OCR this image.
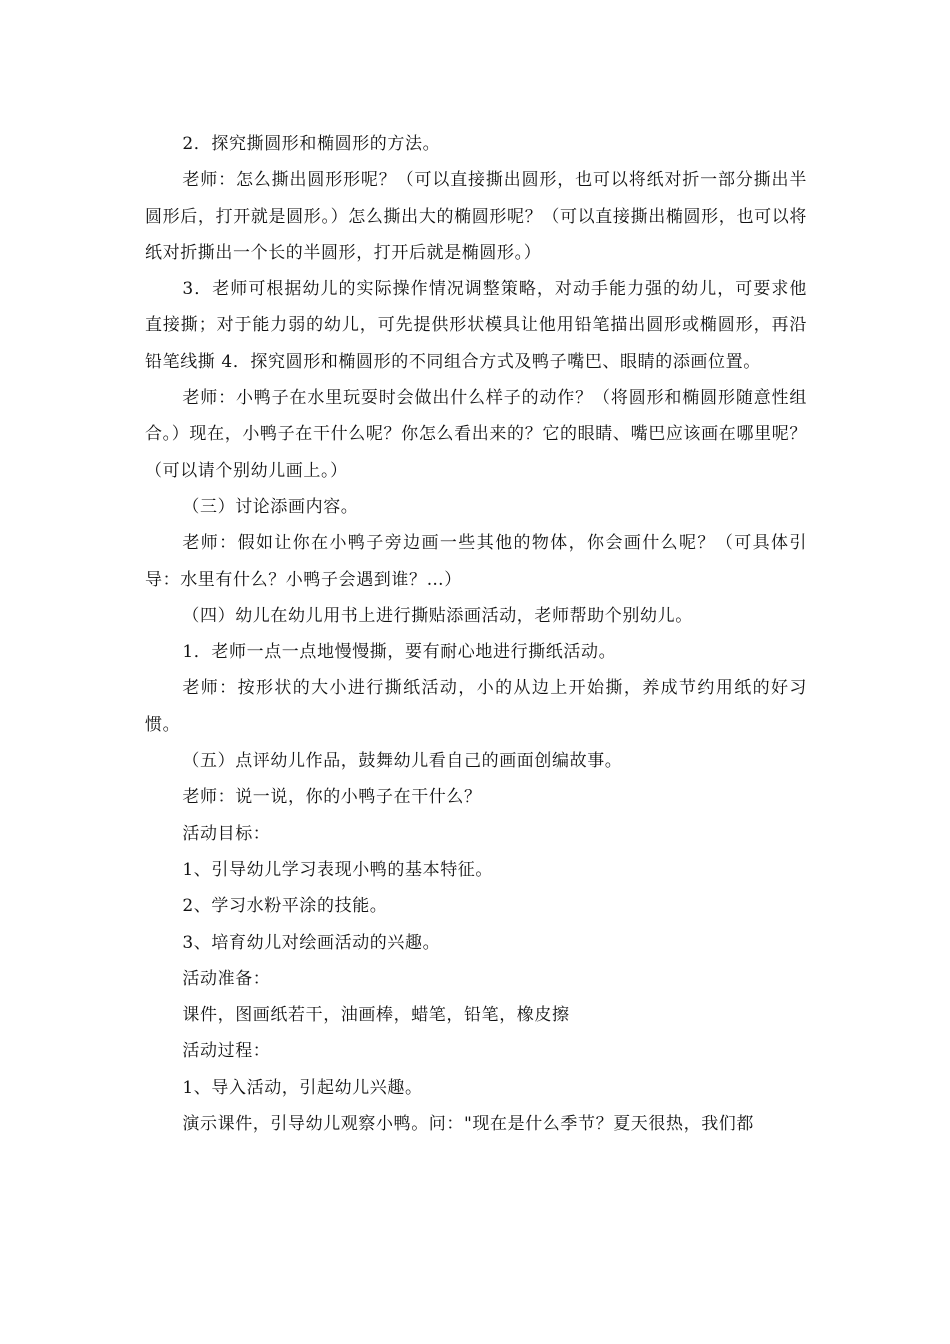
2．探究撕圆形和椭圆形的方法。

老师：怎么撕出圆形形呢？（可以直接撕出圆形，也可以将纸对折一部分撕出半圆形后，打开就是圆形。）怎么撕出大的椭圆形呢？（可以直接撕出椭圆形，也可以将纸对折撕出一个长的半圆形，打开后就是椭圆形。）

3．老师可根据幼儿的实际操作情况调整策略，对动手能力强的幼儿，可要求他直接撕；对于能力弱的幼儿，可先提供形状模具让他用铅笔描出圆形或椭圆形，再沿铅笔线撕 4．探究圆形和椭圆形的不同组合方式及鸭子嘴巴、眼睛的添画位置。

老师：小鸭子在水里玩耍时会做出什么样子的动作？（将圆形和椭圆形随意性组合。）现在，小鸭子在干什么呢？你怎么看出来的？它的眼睛、嘴巴应该画在哪里呢？（可以请个别幼儿画上。）

（三）讨论添画内容。

老师：假如让你在小鸭子旁边画一些其他的物体，你会画什么呢？（可具体引导：水里有什么？小鸭子会遇到谁？…）

（四）幼儿在幼儿用书上进行撕贴添画活动，老师帮助个别幼儿。

1．老师一点一点地慢慢撕，要有耐心地进行撕纸活动。

老师：按形状的大小进行撕纸活动，小的从边上开始撕，养成节约用纸的好习惯。

（五）点评幼儿作品，鼓舞幼儿看自己的画面创编故事。

老师：说一说，你的小鸭子在干什么？

活动目标：

1、引导幼儿学习表现小鸭的基本特征。

2、学习水粉平涂的技能。

3、培育幼儿对绘画活动的兴趣。

活动准备：

课件，图画纸若干，油画棒，蜡笔，铅笔，橡皮擦

活动过程：

1、导入活动，引起幼儿兴趣。

演示课件，引导幼儿观察小鸭。问："现在是什么季节？夏天很热，我们都
